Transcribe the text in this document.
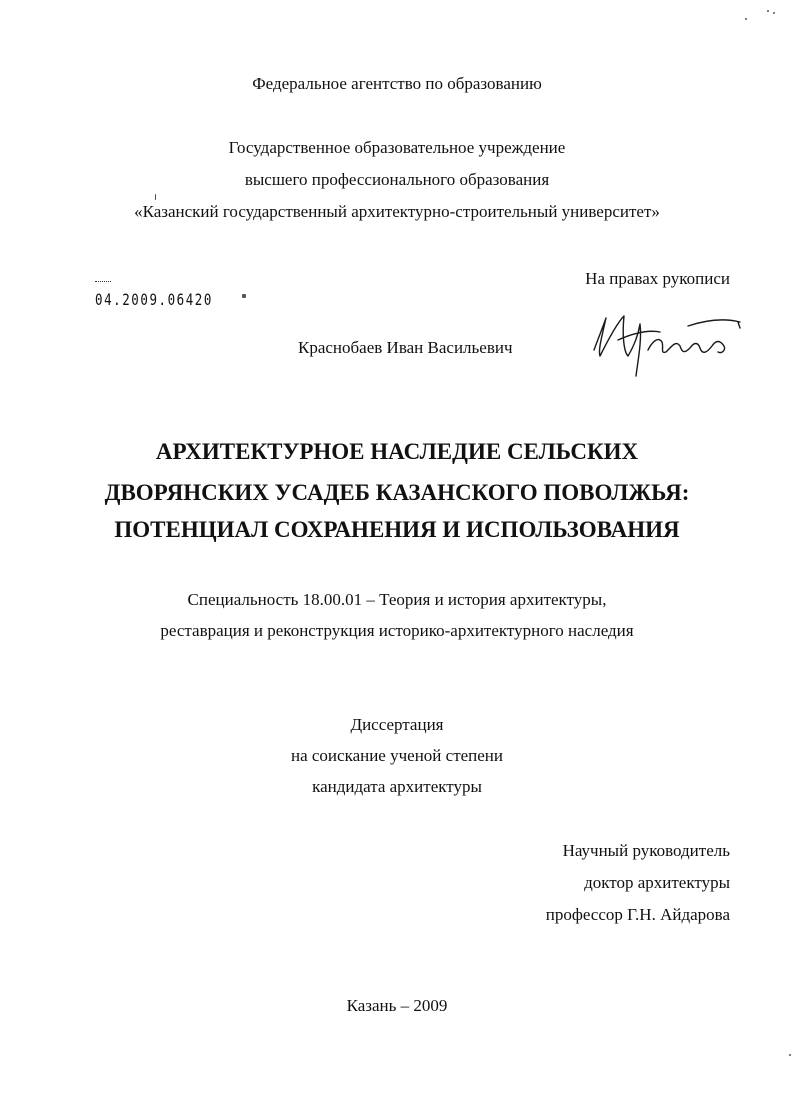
Федеральное агентство по образованию
Государственное образовательное учреждение
высшего профессионального образования
«Казанский государственный архитектурно-строительный университет»
На правах рукописи
04.2009.06420
Краснобаев Иван Васильевич
АРХИТЕКТУРНОЕ НАСЛЕДИЕ СЕЛЬСКИХ
ДВОРЯНСКИХ УСАДЕБ КАЗАНСКОГО ПОВОЛЖЬЯ:
ПОТЕНЦИАЛ СОХРАНЕНИЯ И ИСПОЛЬЗОВАНИЯ
Специальность 18.00.01 – Теория и история архитектуры,
реставрация и реконструкция историко-архитектурного наследия
Диссертация
на соискание ученой степени
кандидата архитектуры
Научный руководитель
доктор архитектуры
профессор Г.Н. Айдарова
Казань – 2009
